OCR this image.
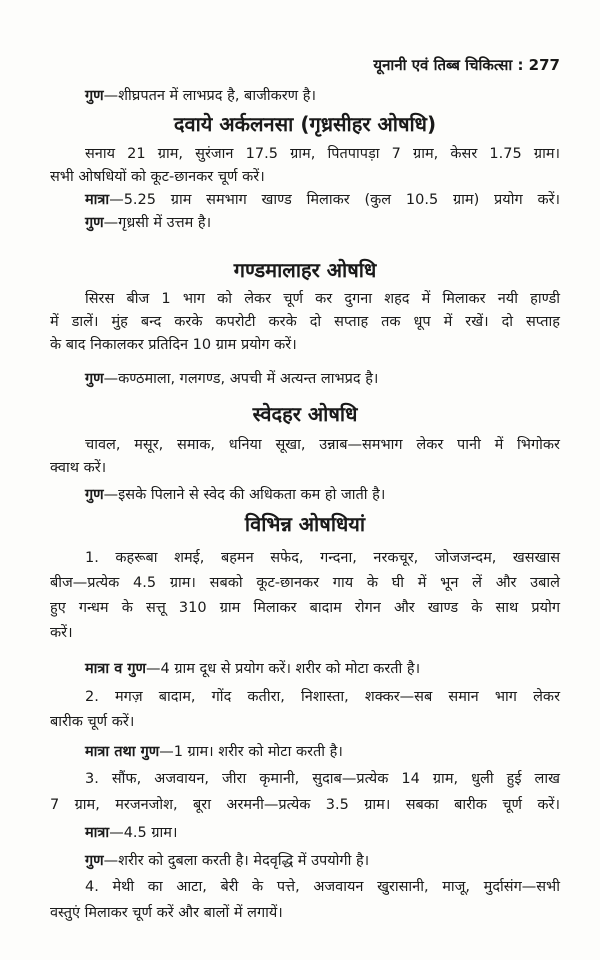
यूनानी एवं तिब्ब चिकित्सा : 277
गुण—शीघ्रपतन में लाभप्रद है, बाजीकरण है।
दवाये अर्कलनसा (गृध्रसीहर ओषधि)
सनाय 21 ग्राम, सुरंजान 17.5 ग्राम, पितपापड़ा 7 ग्राम, केसर 1.75 ग्राम।
सभी ओषधियों को कूट-छानकर चूर्ण करें।
मात्रा—5.25 ग्राम समभाग खाण्ड मिलाकर (कुल 10.5 ग्राम) प्रयोग करें।
गुण—गृध्रसी में उत्तम है।
गण्डमालाहर ओषधि
सिरस बीज 1 भाग को लेकर चूर्ण कर दुगना शहद में मिलाकर नयी हाण्डी
में डालें। मुंह बन्द करके कपरोटी करके दो सप्ताह तक धूप में रखें। दो सप्ताह
के बाद निकालकर प्रतिदिन 10 ग्राम प्रयोग करें।
गुण—कण्ठमाला, गलगण्ड, अपची में अत्यन्त लाभप्रद है।
स्वेदहर ओषधि
चावल, मसूर, समाक, धनिया सूखा, उन्नाब—समभाग लेकर पानी में भिगोकर
क्वाथ करें।
गुण—इसके पिलाने से स्वेद की अधिकता कम हो जाती है।
विभिन्न ओषधियां
1. कहरूबा शमई, बहमन सफेद, गन्दना, नरकचूर, जोजजन्दम, खसखास
बीज—प्रत्येक 4.5 ग्राम। सबको कूट-छानकर गाय के घी में भून लें और उबाले
हुए गन्धम के सत्तू 310 ग्राम मिलाकर बादाम रोगन और खाण्ड के साथ प्रयोग
करें।
मात्रा व गुण—4 ग्राम दूध से प्रयोग करें। शरीर को मोटा करती है।
2. मगज़ बादाम, गोंद कतीरा, निशास्ता, शक्कर—सब समान भाग लेकर
बारीक चूर्ण करें।
मात्रा तथा गुण—1 ग्राम। शरीर को मोटा करती है।
3. सौंफ, अजवायन, जीरा कृमानी, सुदाब—प्रत्येक 14 ग्राम, धुली हुई लाख
7 ग्राम, मरजनजोश, बूरा अरमनी—प्रत्येक 3.5 ग्राम। सबका बारीक चूर्ण करें।
मात्रा—4.5 ग्राम।
गुण—शरीर को दुबला करती है। मेदवृद्धि में उपयोगी है।
4. मेथी का आटा, बेरी के पत्ते, अजवायन खुरासानी, माजू, मुर्दासंग—सभी
वस्तुएं मिलाकर चूर्ण करें और बालों में लगायें।
